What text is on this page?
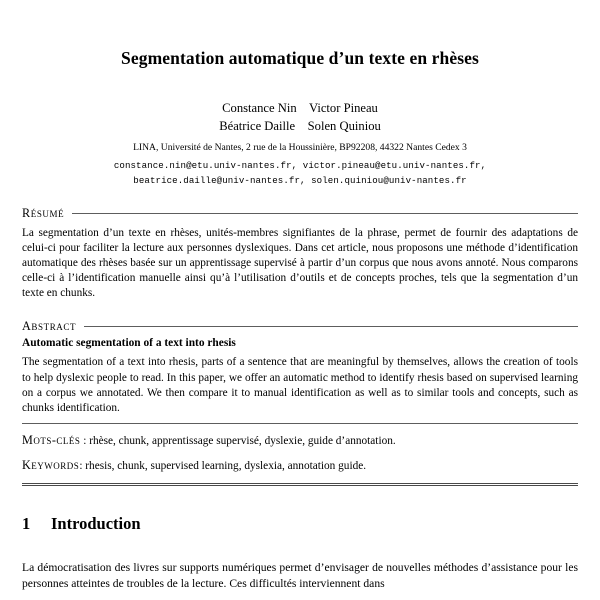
Segmentation automatique d’un texte en rhèses
Constance Nin    Victor Pineau
Béatrice Daille    Solen Quiniou
LINA, Université de Nantes, 2 rue de la Houssinière, BP92208, 44322 Nantes Cedex 3
constance.nin@etu.univ-nantes.fr, victor.pineau@etu.univ-nantes.fr,
beatrice.daille@univ-nantes.fr, solen.quiniou@univ-nantes.fr
Résumé
La segmentation d’un texte en rhèses, unités-membres signifiantes de la phrase, permet de fournir des adaptations de celui-ci pour faciliter la lecture aux personnes dyslexiques. Dans cet article, nous proposons une méthode d’identification automatique des rhèses basée sur un apprentissage supervisé à partir d’un corpus que nous avons annoté. Nous comparons celle-ci à l’identification manuelle ainsi qu’à l’utilisation d’outils et de concepts proches, tels que la segmentation d’un texte en chunks.
Abstract
Automatic segmentation of a text into rhesis
The segmentation of a text into rhesis, parts of a sentence that are meaningful by themselves, allows the creation of tools to help dyslexic people to read. In this paper, we offer an automatic method to identify rhesis based on supervised learning on a corpus we annotated. We then compare it to manual identification as well as to similar tools and concepts, such as chunks identification.
Mots-clés : rhèse, chunk, apprentissage supervisé, dyslexie, guide d’annotation.
Keywords: rhesis, chunk, supervised learning, dyslexia, annotation guide.
1 Introduction
La démocratisation des livres sur supports numériques permet d’envisager de nouvelles méthodes d’assistance pour les personnes atteintes de troubles de la lecture. Ces difficultés interviennent dans
